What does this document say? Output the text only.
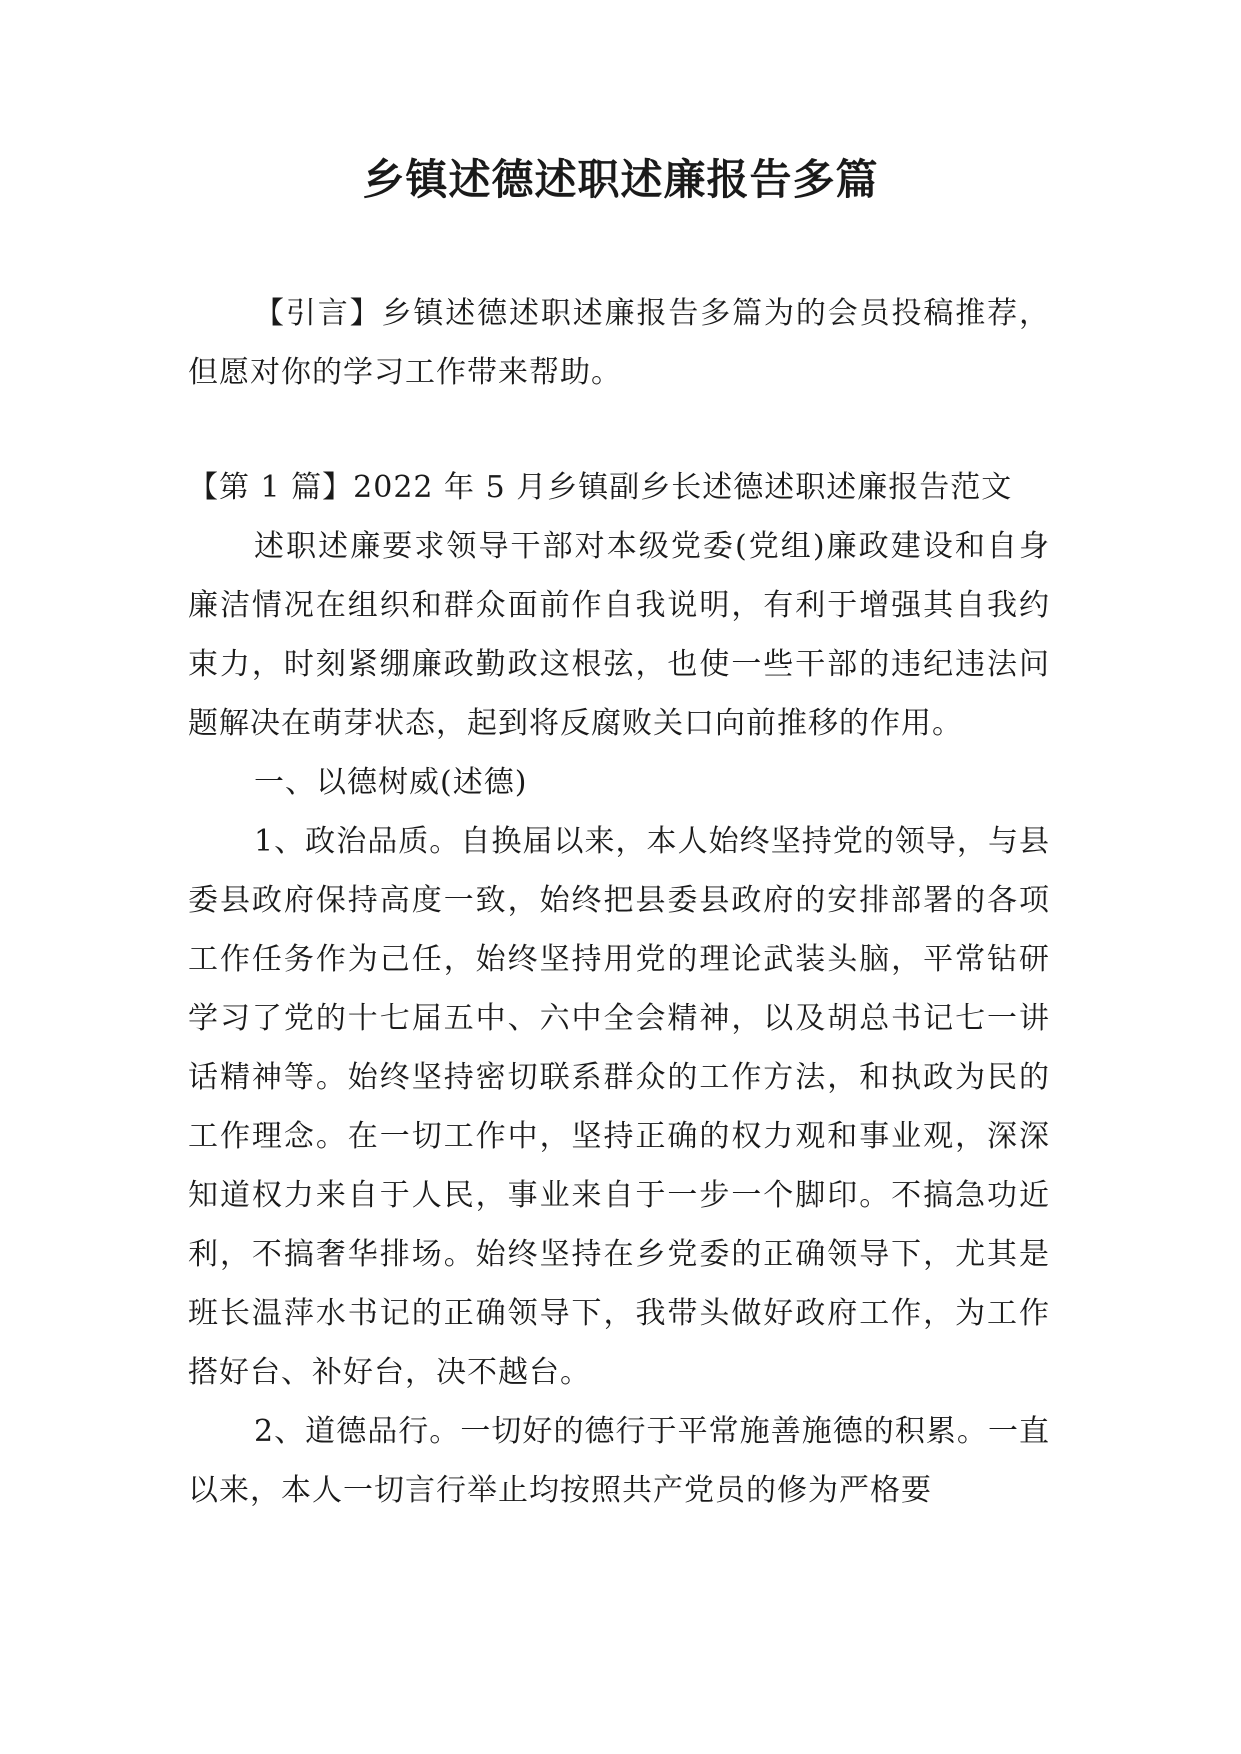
乡镇述德述职述廉报告多篇

【引言】乡镇述德述职述廉报告多篇为的会员投稿推荐，但愿对你的学习工作带来帮助。

【第 1 篇】2022 年 5 月乡镇副乡长述德述职述廉报告范文

述职述廉要求领导干部对本级党委(党组)廉政建设和自身廉洁情况在组织和群众面前作自我说明，有利于增强其自我约束力，时刻紧绷廉政勤政这根弦，也使一些干部的违纪违法问题解决在萌芽状态，起到将反腐败关口向前推移的作用。

一、以德树威(述德)

1、政治品质。自换届以来，本人始终坚持党的领导，与县委县政府保持高度一致，始终把县委县政府的安排部署的各项工作任务作为己任，始终坚持用党的理论武装头脑，平常钻研学习了党的十七届五中、六中全会精神，以及胡总书记七一讲话精神等。始终坚持密切联系群众的工作方法，和执政为民的工作理念。在一切工作中，坚持正确的权力观和事业观，深深知道权力来自于人民，事业来自于一步一个脚印。不搞急功近利，不搞奢华排场。始终坚持在乡党委的正确领导下，尤其是班长温萍水书记的正确领导下，我带头做好政府工作，为工作搭好台、补好台，决不越台。

2、道德品行。一切好的德行于平常施善施德的积累。一直以来，本人一切言行举止均按照共产党员的修为严格要
